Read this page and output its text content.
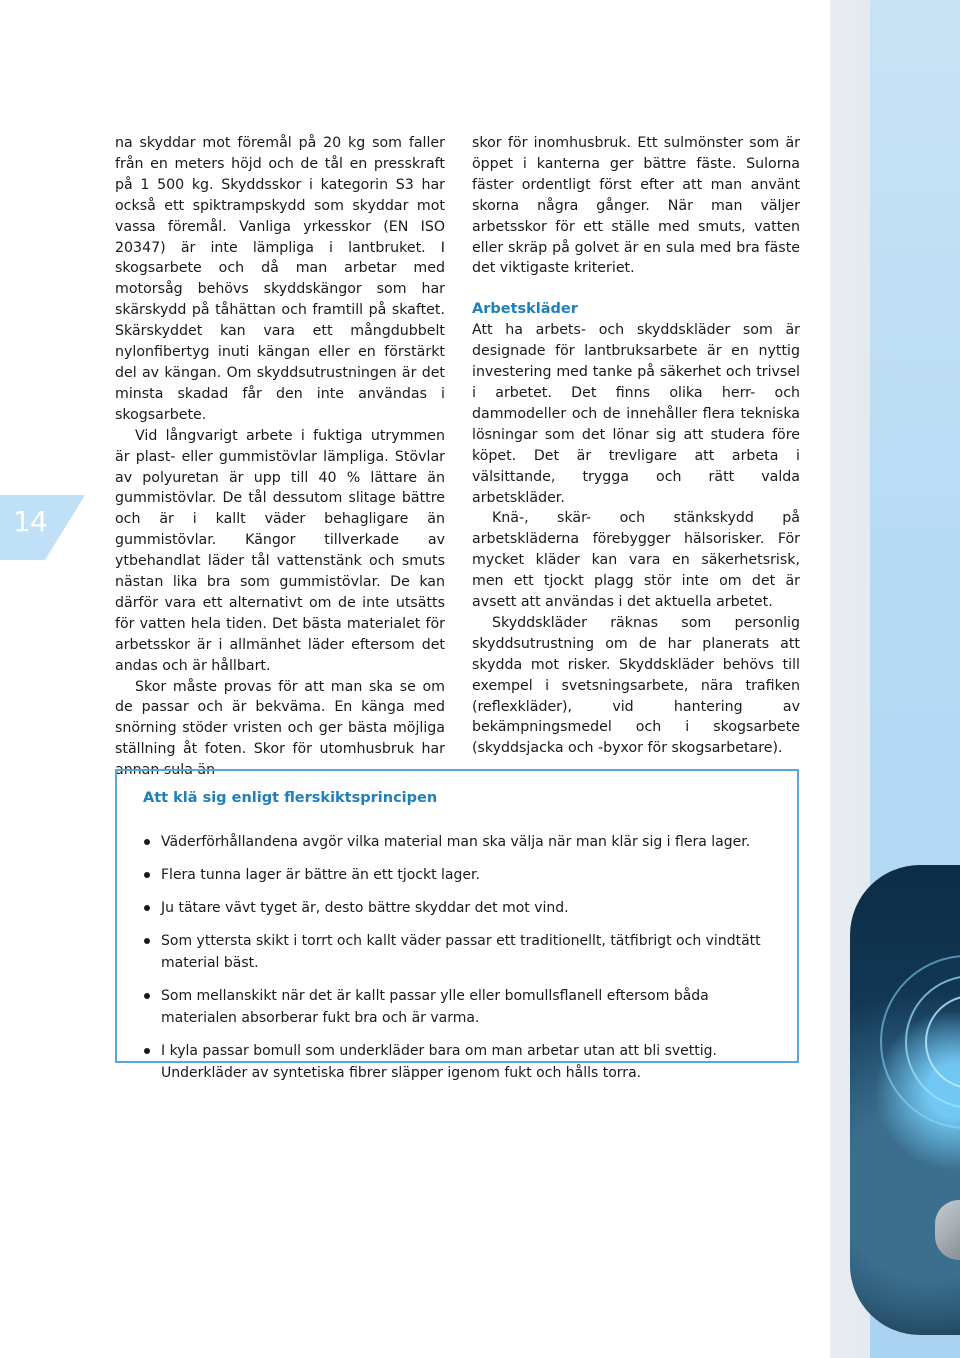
14

na skyddar mot föremål på 20 kg som faller från en meters höjd och de tål en presskraft på 1 500 kg. Skyddsskor i kategorin S3 har också ett spiktrampskydd som skyddar mot vassa föremål. Vanliga yrkesskor (EN ISO 20347) är inte lämpliga i lantbruket. I skogsarbete och då man arbetar med motorsåg behövs skyddskängor som har skärskydd på tåhättan och framtill på skaftet. Skärskyddet kan vara ett mångdubbelt nylonfibertyg inuti kängan eller en förstärkt del av kängan. Om skyddsutrustningen är det minsta skadad får den inte användas i skogsarbete.

Vid långvarigt arbete i fuktiga utrymmen är plast- eller gummistövlar lämpliga. Stövlar av polyuretan är upp till 40 % lättare än gummistövlar. De tål dessutom slitage bättre och är i kallt väder behagligare än gummistövlar. Kängor tillverkade av ytbehandlat läder tål vattenstänk och smuts nästan lika bra som gummistövlar. De kan därför vara ett alternativt om de inte utsätts för vatten hela tiden. Det bästa materialet för arbetsskor är i allmänhet läder eftersom det andas och är hållbart.

Skor måste provas för att man ska se om de passar och är bekväma. En känga med snörning stöder vristen och ger bästa möjliga ställning åt foten. Skor för utomhusbruk har annan sula än

skor för inomhusbruk. Ett sulmönster som är öppet i kanterna ger bättre fäste. Sulorna fäster ordentligt först efter att man använt skorna några gånger. När man väljer arbetsskor för ett ställe med smuts, vatten eller skräp på golvet är en sula med bra fäste det viktigaste kriteriet.

Arbetskläder

Att ha arbets- och skyddskläder som är designade för lantbruksarbete är en nyttig investering med tanke på säkerhet och trivsel i arbetet. Det finns olika herr- och dammodeller och de innehåller flera tekniska lösningar som det lönar sig att studera före köpet. Det är trevligare att arbeta i välsittande, trygga och rätt valda arbetskläder.

Knä-, skär- och stänkskydd på arbetskläderna förebygger hälsorisker. För mycket kläder kan vara en säkerhetsrisk, men ett tjockt plagg stör inte om det är avsett att användas i det aktuella arbetet.

Skyddskläder räknas som personlig skyddsutrustning om de har planerats att skydda mot risker. Skyddskläder behövs till exempel i svetsningsarbete, nära trafiken (reflexkläder), vid hantering av bekämpningsmedel och i skogsarbete (skyddsjacka och -byxor för skogsarbetare).

Att klä sig enligt flerskiktsprincipen
Väderförhållandena avgör vilka material man ska välja när man klär sig i flera lager.
Flera tunna lager är bättre än ett tjockt lager.
Ju tätare vävt tyget är, desto bättre skyddar det mot vind.
Som yttersta skikt i torrt och kallt väder passar ett traditionellt, tätfibrigt och vindtätt material bäst.
Som mellanskikt när det är kallt passar ylle eller bomullsflanell eftersom båda materialen absorberar fukt bra och är varma.
I kyla passar bomull som underkläder bara om man arbetar utan att bli svettig. Underkläder av syntetiska fibrer släpper igenom fukt och hålls torra.
